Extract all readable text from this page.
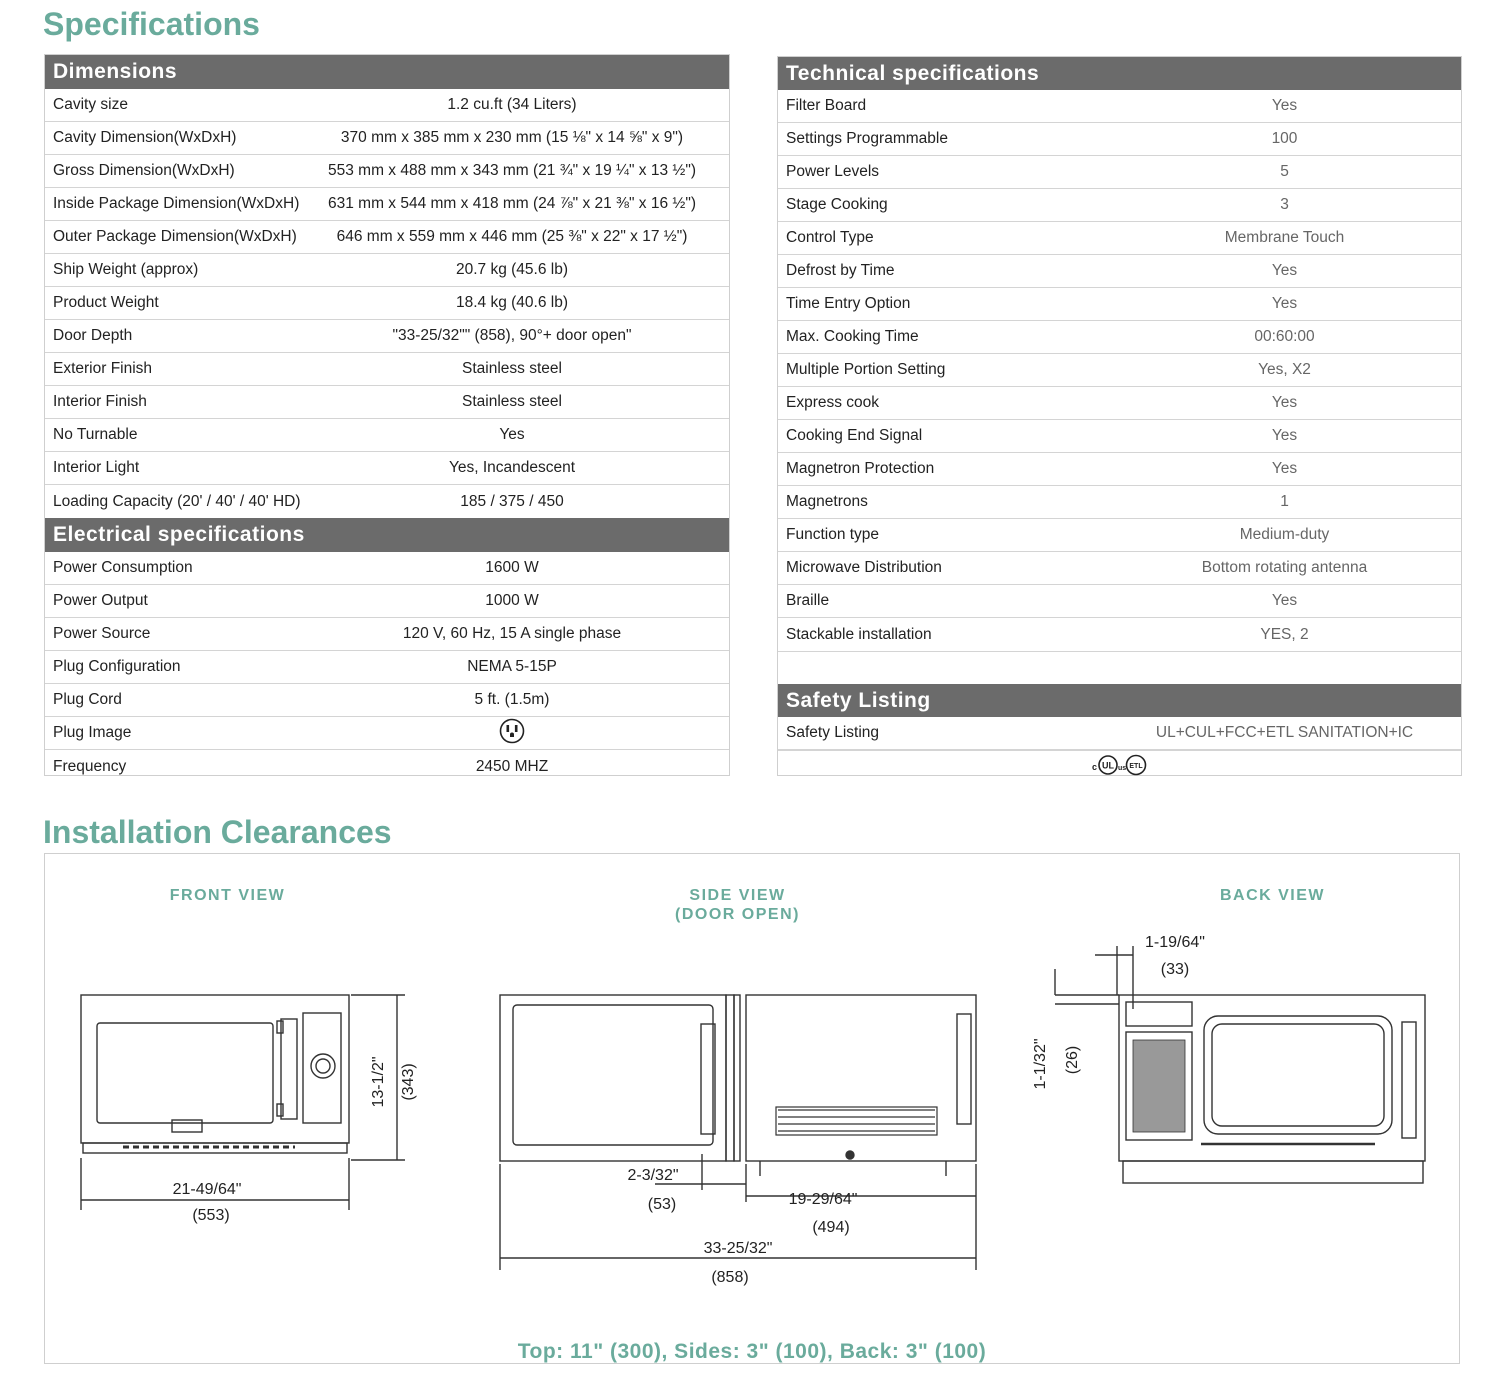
Specifications
Installation Clearances
Dimensions
Cavity size	1.2 cu.ft (34 Liters)
Cavity Dimension(WxDxH)	370 mm x 385 mm x 230 mm (15 ⅛" x 14 ⅝" x 9")
Gross Dimension(WxDxH)	553 mm x 488 mm x 343 mm (21 ¾" x 19 ¼" x 13 ½")
Inside Package Dimension(WxDxH)	631 mm x 544 mm x 418 mm (24 ⅞" x 21 ⅜" x 16 ½")
Outer Package Dimension(WxDxH)	646 mm x 559 mm x 446 mm (25 ⅜" x 22" x 17 ½")
Ship Weight (approx)	20.7 kg (45.6 lb)
Product Weight	18.4 kg (40.6 lb)
Door Depth	"33-25/32"" (858), 90°+ door open"
Exterior Finish	Stainless steel
Interior Finish	Stainless steel
No Turnable	Yes
Interior Light	Yes, Incandescent
Loading Capacity (20' / 40' / 40' HD)	185 / 375 / 450
Electrical specifications
Power Consumption	1600 W
Power Output	1000 W
Power Source	120 V, 60 Hz, 15 A single phase
Plug Configuration	NEMA 5-15P
Plug Cord	5 ft. (1.5m)
Plug Image
Frequency	2450 MHZ
Technical specifications
Filter Board	Yes
Settings Programmable	100
Power Levels	5
Stage Cooking	3
Control Type	Membrane Touch
Defrost by Time	Yes
Time Entry Option	Yes
Max. Cooking Time	00:60:00
Multiple Portion Setting	Yes, X2
Express cook	Yes
Cooking End Signal	Yes
Magnetron Protection	Yes
Magnetrons	1
Function type	Medium-duty
Microwave Distribution	Bottom rotating antenna
Braille	Yes
Stackable installation	YES, 2
Safety Listing
Safety Listing	UL+CUL+FCC+ETL SANITATION+IC
c UL us ETL
FRONT VIEW	SIDE VIEW
(DOOR OPEN)
BACK VIEW
21-49/64"
(553)
13-1/2" (343)
2-3/32"
(53)	19-29/64"
(494)
33-25/32"
(858)
1-19/64"
(33)
1-1/32" (26)
Top: 11" (300), Sides: 3" (100), Back: 3" (100)
